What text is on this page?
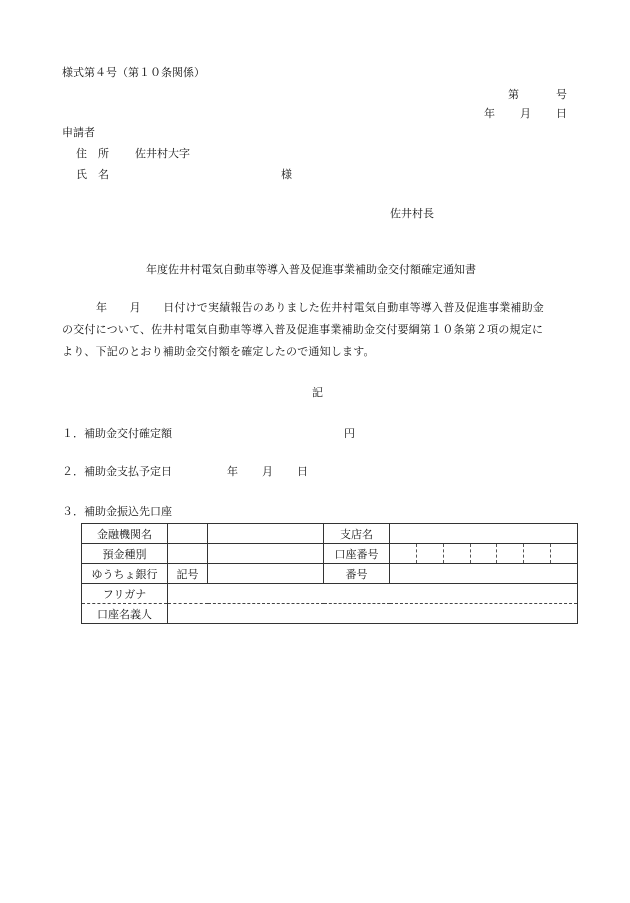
様式第４号（第１０条関係）
第	号
年 月 日
申請者
住　所 佐井村大字
氏　名	様
佐井村長
年度佐井村電気自動車等導入普及促進事業補助金交付額確定通知書
年　　月　　日付けで実績報告のありました佐井村電気自動車等導入普及促進事業補助金
の交付について、佐井村電気自動車等導入普及促進事業補助金交付要綱第１０条第２項の規定に
より、下記のとおり補助金交付額を確定したので通知します。
記
１．補助金交付確定額	円
２．補助金支払予定日	年 月 日
３．補助金振込先口座
金融機関名			支店名	
預金種別			口座番号	

ゆうちょ銀行	記号		番号	
フリガナ				
口座名義人				
